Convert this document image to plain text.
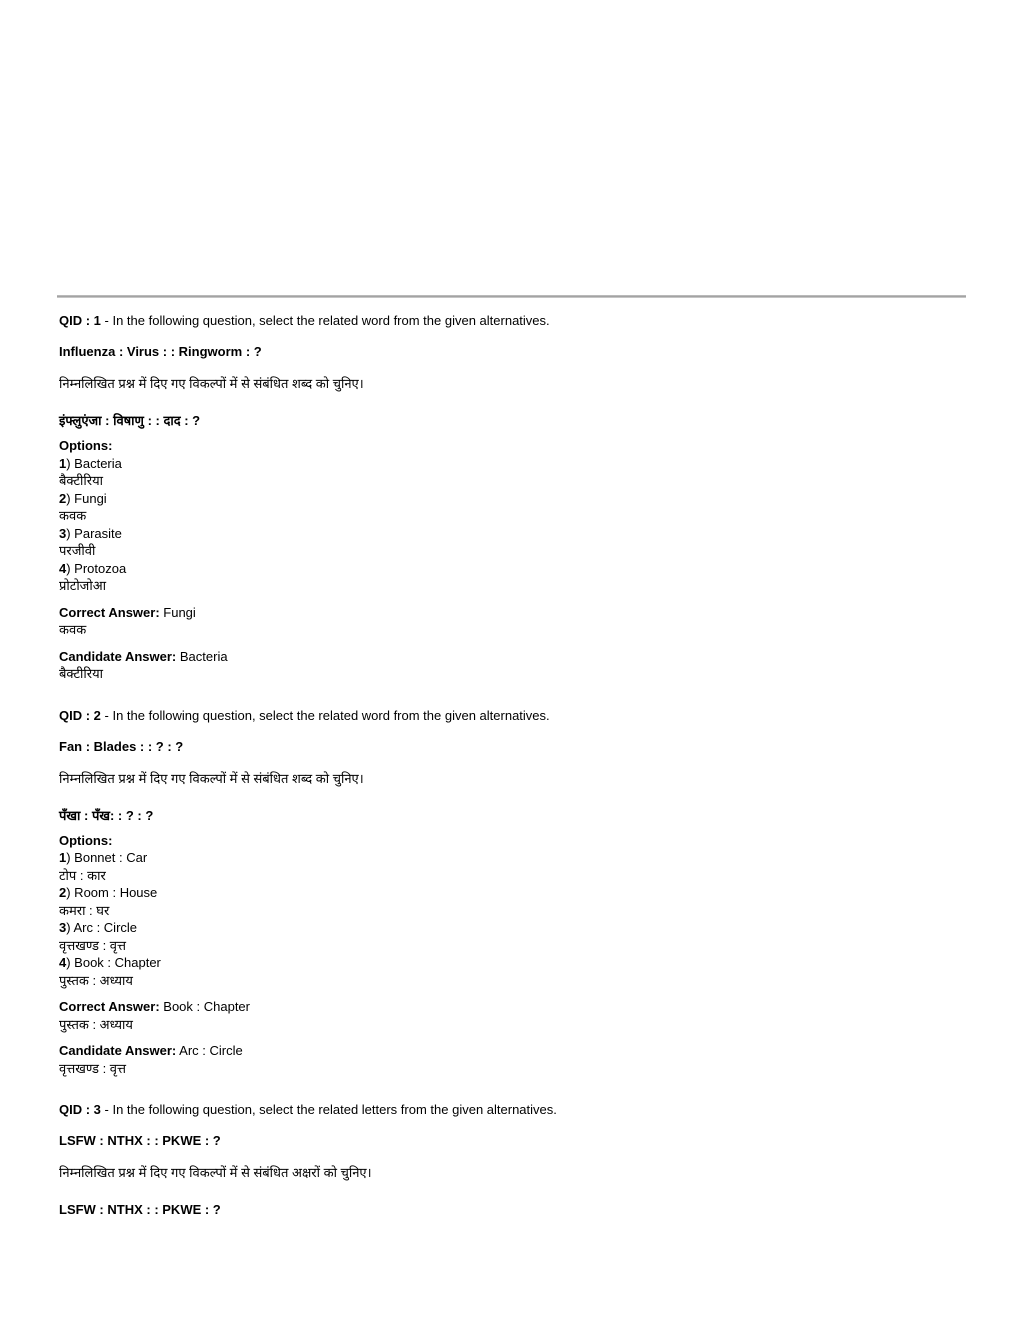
QID : 1 - In the following question, select the related word from the given alternatives.

Influenza : Virus : : Ringworm : ?

निम्नलिखित प्रश्न में दिए गए विकल्पों में से संबंधित शब्द को चुनिए।

इंफ्लुएंजा : विषाणु : : दाद : ?

Options:
1) Bacteria
बैक्टीरिया
2) Fungi
कवक
3) Parasite
परजीवी
4) Protozoa
प्रोटोजोआ

Correct Answer: Fungi
कवक

Candidate Answer: Bacteria
बैक्टीरिया

QID : 2 - In the following question, select the related word from the given alternatives.

Fan : Blades : : ? : ?

निम्नलिखित प्रश्न में दिए गए विकल्पों में से संबंधित शब्द को चुनिए।

पँखा : पँख: : ? : ?

Options:
1) Bonnet : Car
टोप : कार
2) Room : House
कमरा : घर
3) Arc : Circle
वृत्तखण्ड : वृत्त
4) Book : Chapter
पुस्तक : अध्याय

Correct Answer: Book : Chapter
पुस्तक : अध्याय

Candidate Answer: Arc : Circle
वृत्तखण्ड : वृत्त

QID : 3 - In the following question, select the related letters from the given alternatives.

LSFW : NTHX : : PKWE : ?

निम्नलिखित प्रश्न में दिए गए विकल्पों में से संबंधित अक्षरों को चुनिए।

LSFW : NTHX : : PKWE : ?
